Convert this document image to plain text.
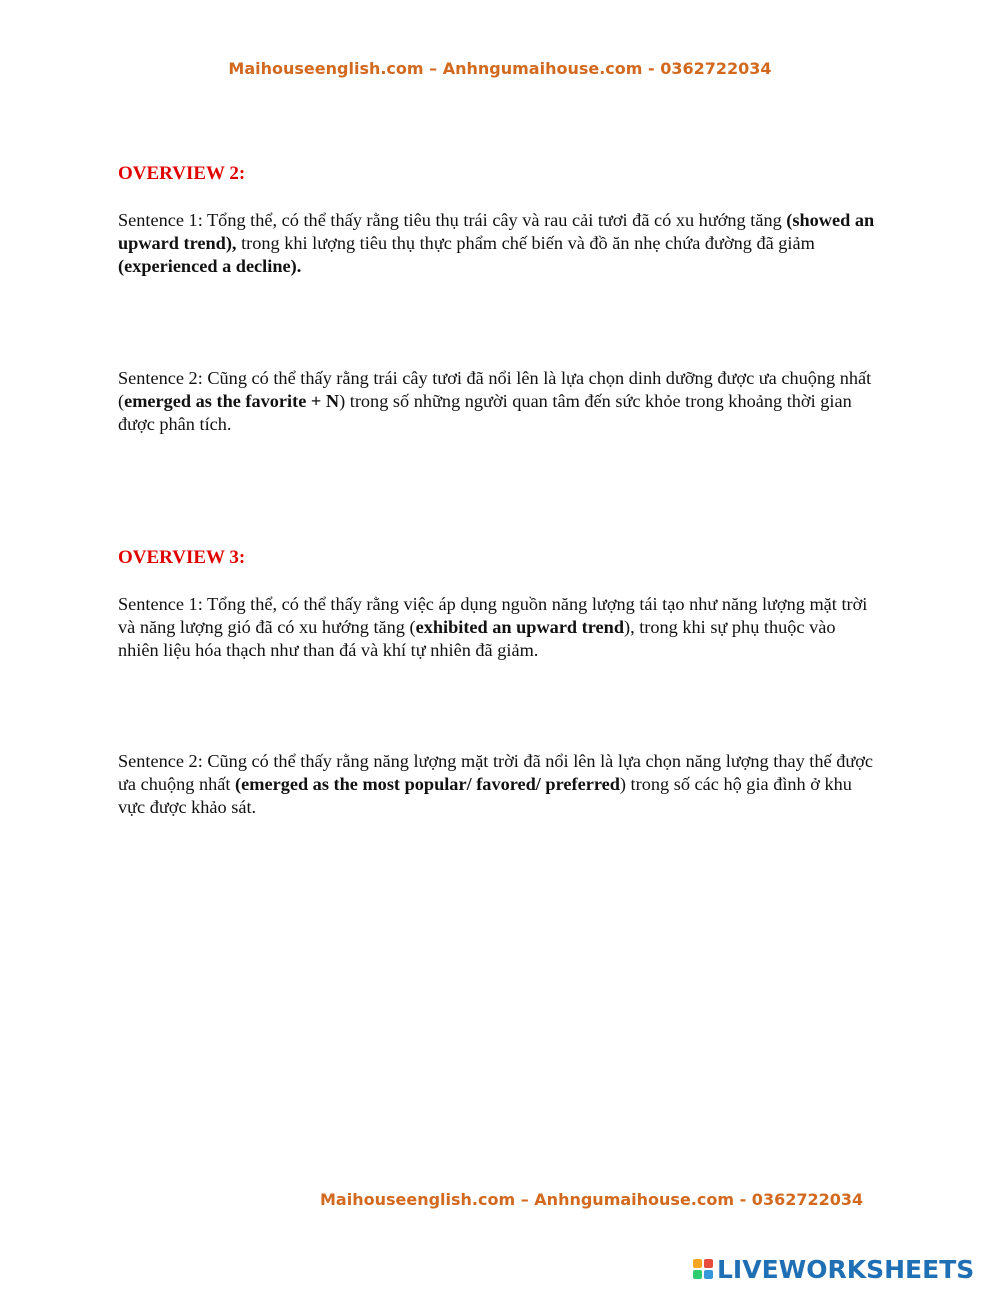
Maihouseenglish.com – Anhngumaihouse.com - 0362722034
OVERVIEW 2:

Sentence 1: Tổng thể, có thể thấy rằng tiêu thụ trái cây và rau cải tươi đã có xu hướng tăng (showed an upward trend), trong khi lượng tiêu thụ thực phẩm chế biến và đồ ăn nhẹ chứa đường đã giảm (experienced a decline).

Sentence 2: Cũng có thể thấy rằng trái cây tươi đã nổi lên là lựa chọn dinh dưỡng được ưa chuộng nhất (emerged as the favorite + N) trong số những người quan tâm đến sức khỏe trong khoảng thời gian được phân tích.

OVERVIEW 3:

Sentence 1: Tổng thể, có thể thấy rằng việc áp dụng nguồn năng lượng tái tạo như năng lượng mặt trời và năng lượng gió đã có xu hướng tăng (exhibited an upward trend), trong khi sự phụ thuộc vào nhiên liệu hóa thạch như than đá và khí tự nhiên đã giảm.

Sentence 2: Cũng có thể thấy rằng năng lượng mặt trời đã nổi lên là lựa chọn năng lượng thay thế được ưa chuộng nhất (emerged as the most popular/ favored/ preferred) trong số các hộ gia đình ở khu vực được khảo sát.

Maihouseenglish.com – Anhngumaihouse.com - 0362722034
LIVEWORKSHEETS
